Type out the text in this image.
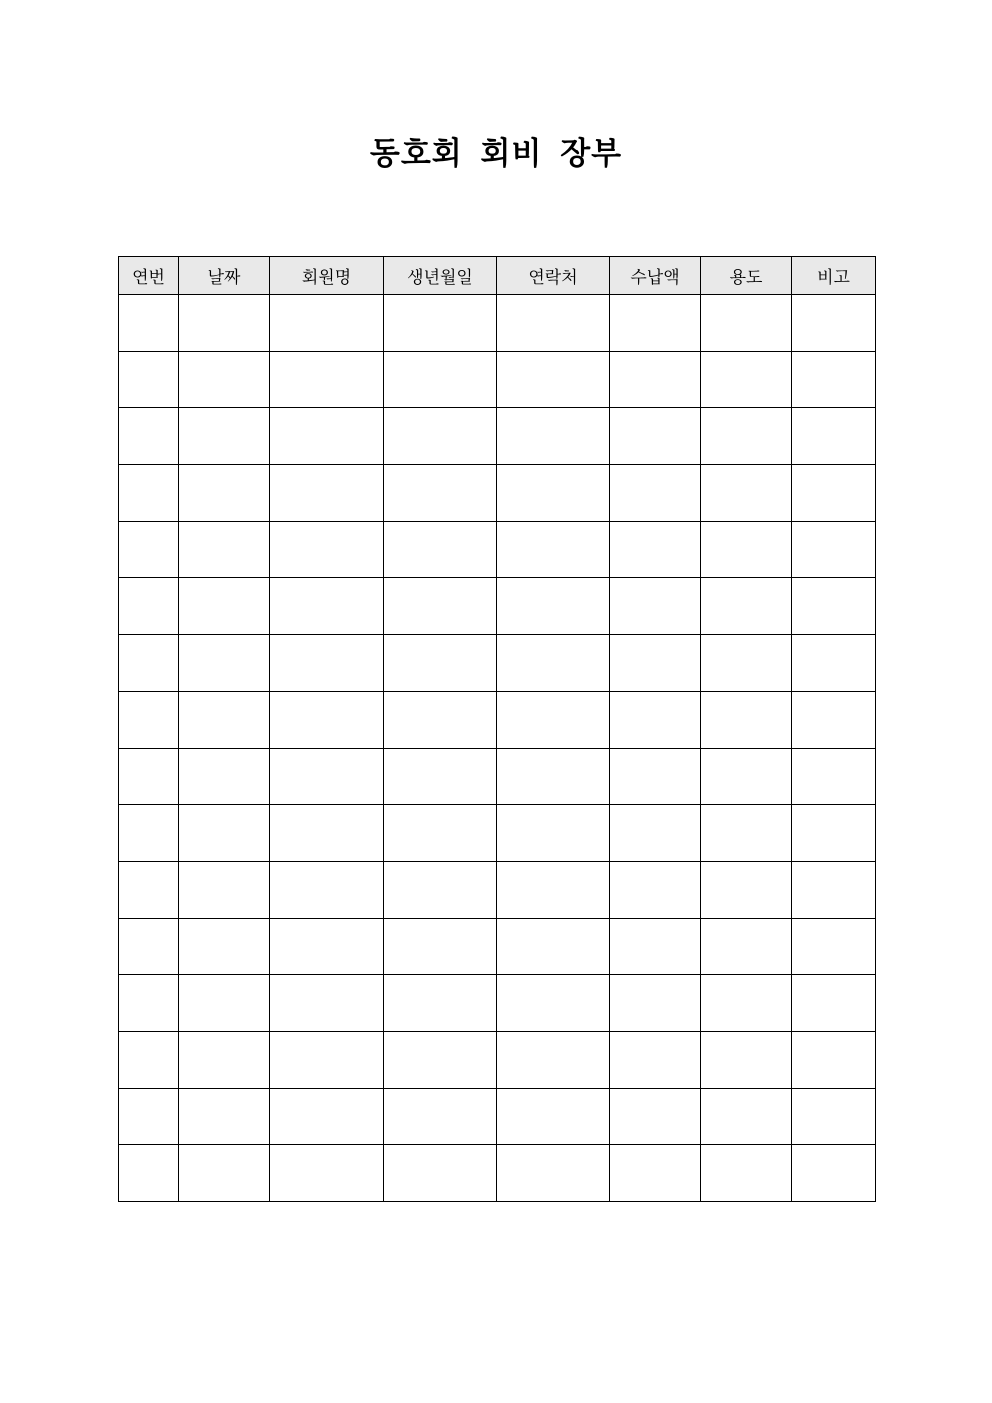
동호회 회비 장부
연번	날짜	회원명	생년월일	연락처	수납액	용도	비고
